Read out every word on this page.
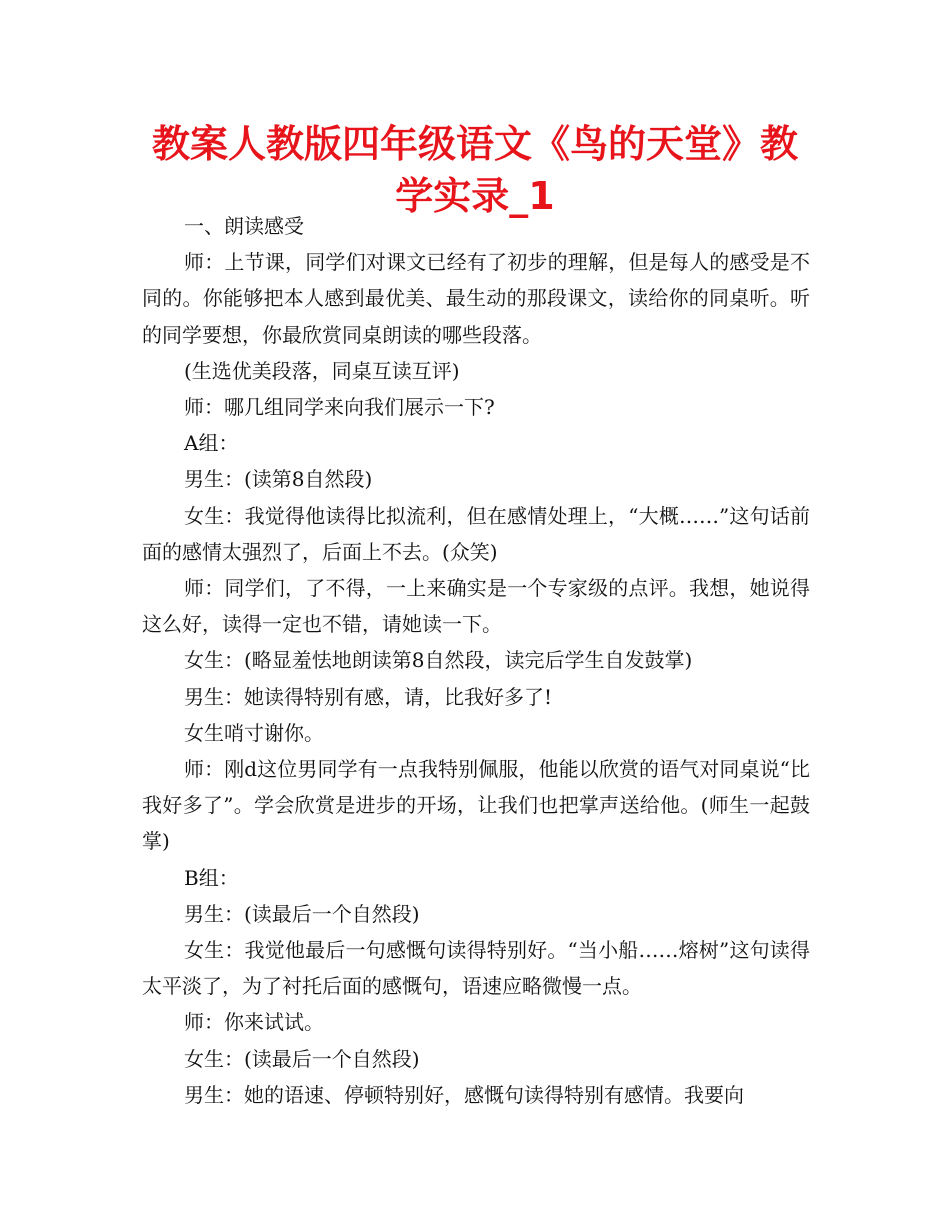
教案人教版四年级语文《鸟的天堂》教学实录_1

一、朗读感受

师：上节课，同学们对课文已经有了初步的理解，但是每人的感受是不同的。你能够把本人感到最优美、最生动的那段课文，读给你的同桌听。听的同学要想，你最欣赏同桌朗读的哪些段落。

(生选优美段落，同桌互读互评)

师：哪几组同学来向我们展示一下?

A组：

男生：(读第8自然段)

女生：我觉得他读得比拟流利，但在感情处理上，“大概……”这句话前面的感情太强烈了，后面上不去。(众笑)

师：同学们，了不得，一上来确实是一个专家级的点评。我想，她说得这么好，读得一定也不错，请她读一下。

女生：(略显羞怯地朗读第8自然段，读完后学生自发鼓掌)

男生：她读得特别有感，请，比我好多了!

女生哨寸谢你。

师：刚d这位男同学有一点我特别佩服，他能以欣赏的语气对同桌说“比我好多了”。学会欣赏是进步的开场，让我们也把掌声送给他。(师生一起鼓掌)

B组：

男生：(读最后一个自然段)

女生：我觉他最后一句感慨句读得特别好。“当小船……熔树”这句读得太平淡了，为了衬托后面的感慨句，语速应略微慢一点。

师：你来试试。

女生：(读最后一个自然段)

男生：她的语速、停顿特别好，感慨句读得特别有感情。我要向
